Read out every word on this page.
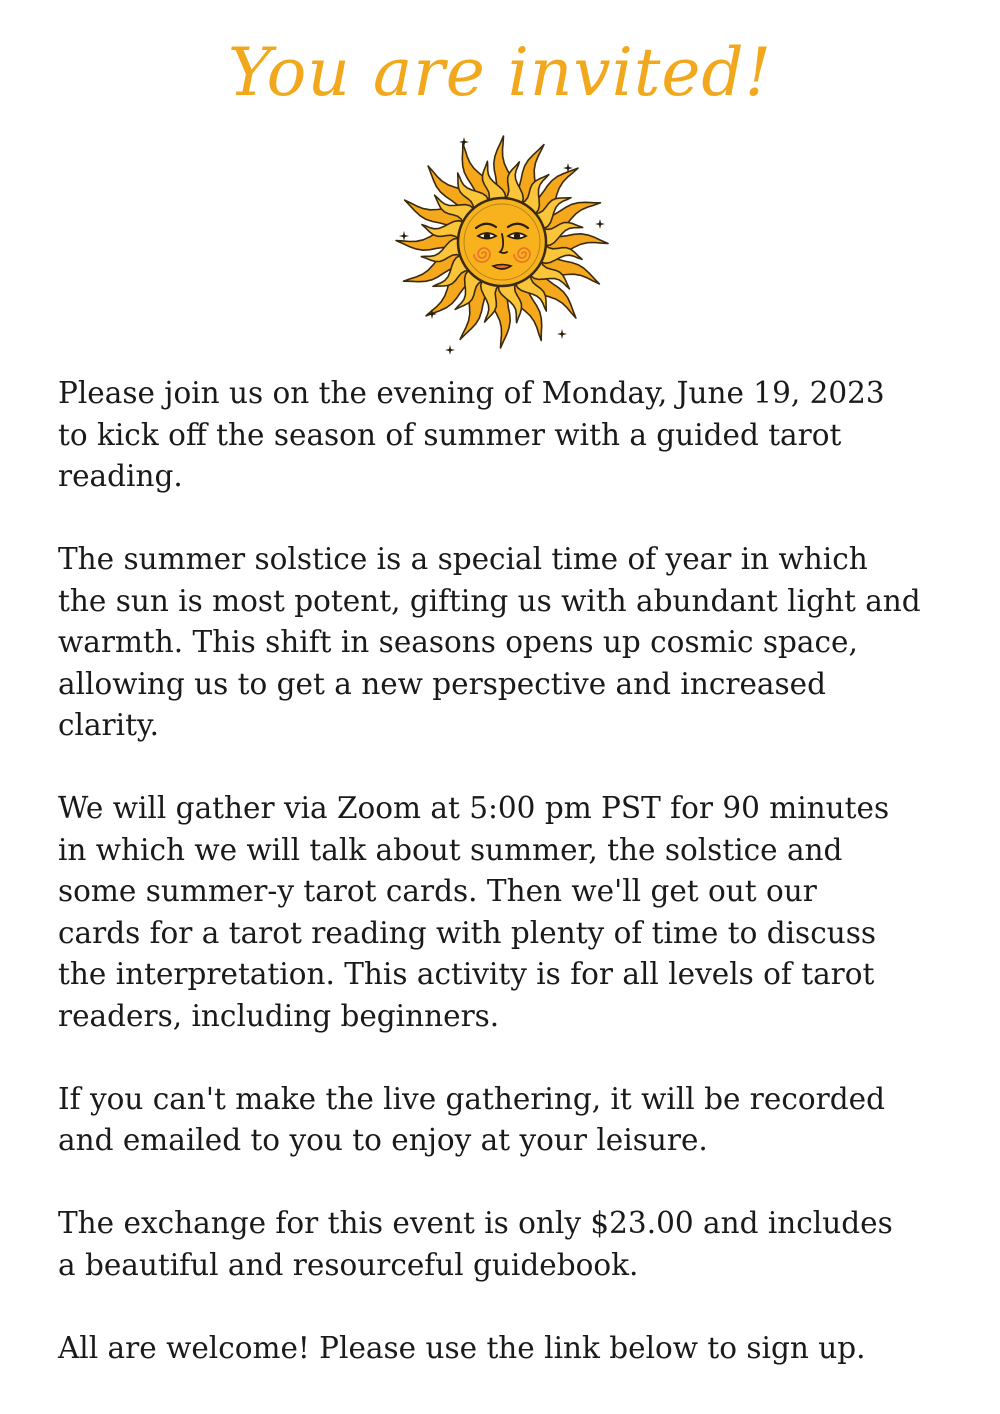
You are invited!

Please join us on the evening of Monday, June 19, 2023
to kick off the season of summer with a guided tarot
reading.

The summer solstice is a special time of year in which
the sun is most potent, gifting us with abundant light and
warmth. This shift in seasons opens up cosmic space,
allowing us to get a new perspective and increased
clarity.

We will gather via Zoom at 5:00 pm PST for 90 minutes
in which we will talk about summer, the solstice and
some summer-y tarot cards. Then we'll get out our
cards for a tarot reading with plenty of time to discuss
the interpretation. This activity is for all levels of tarot
readers, including beginners.

If you can't make the live gathering, it will be recorded
and emailed to you to enjoy at your leisure.

The exchange for this event is only $23.00 and includes
a beautiful and resourceful guidebook.

All are welcome! Please use the link below to sign up.
